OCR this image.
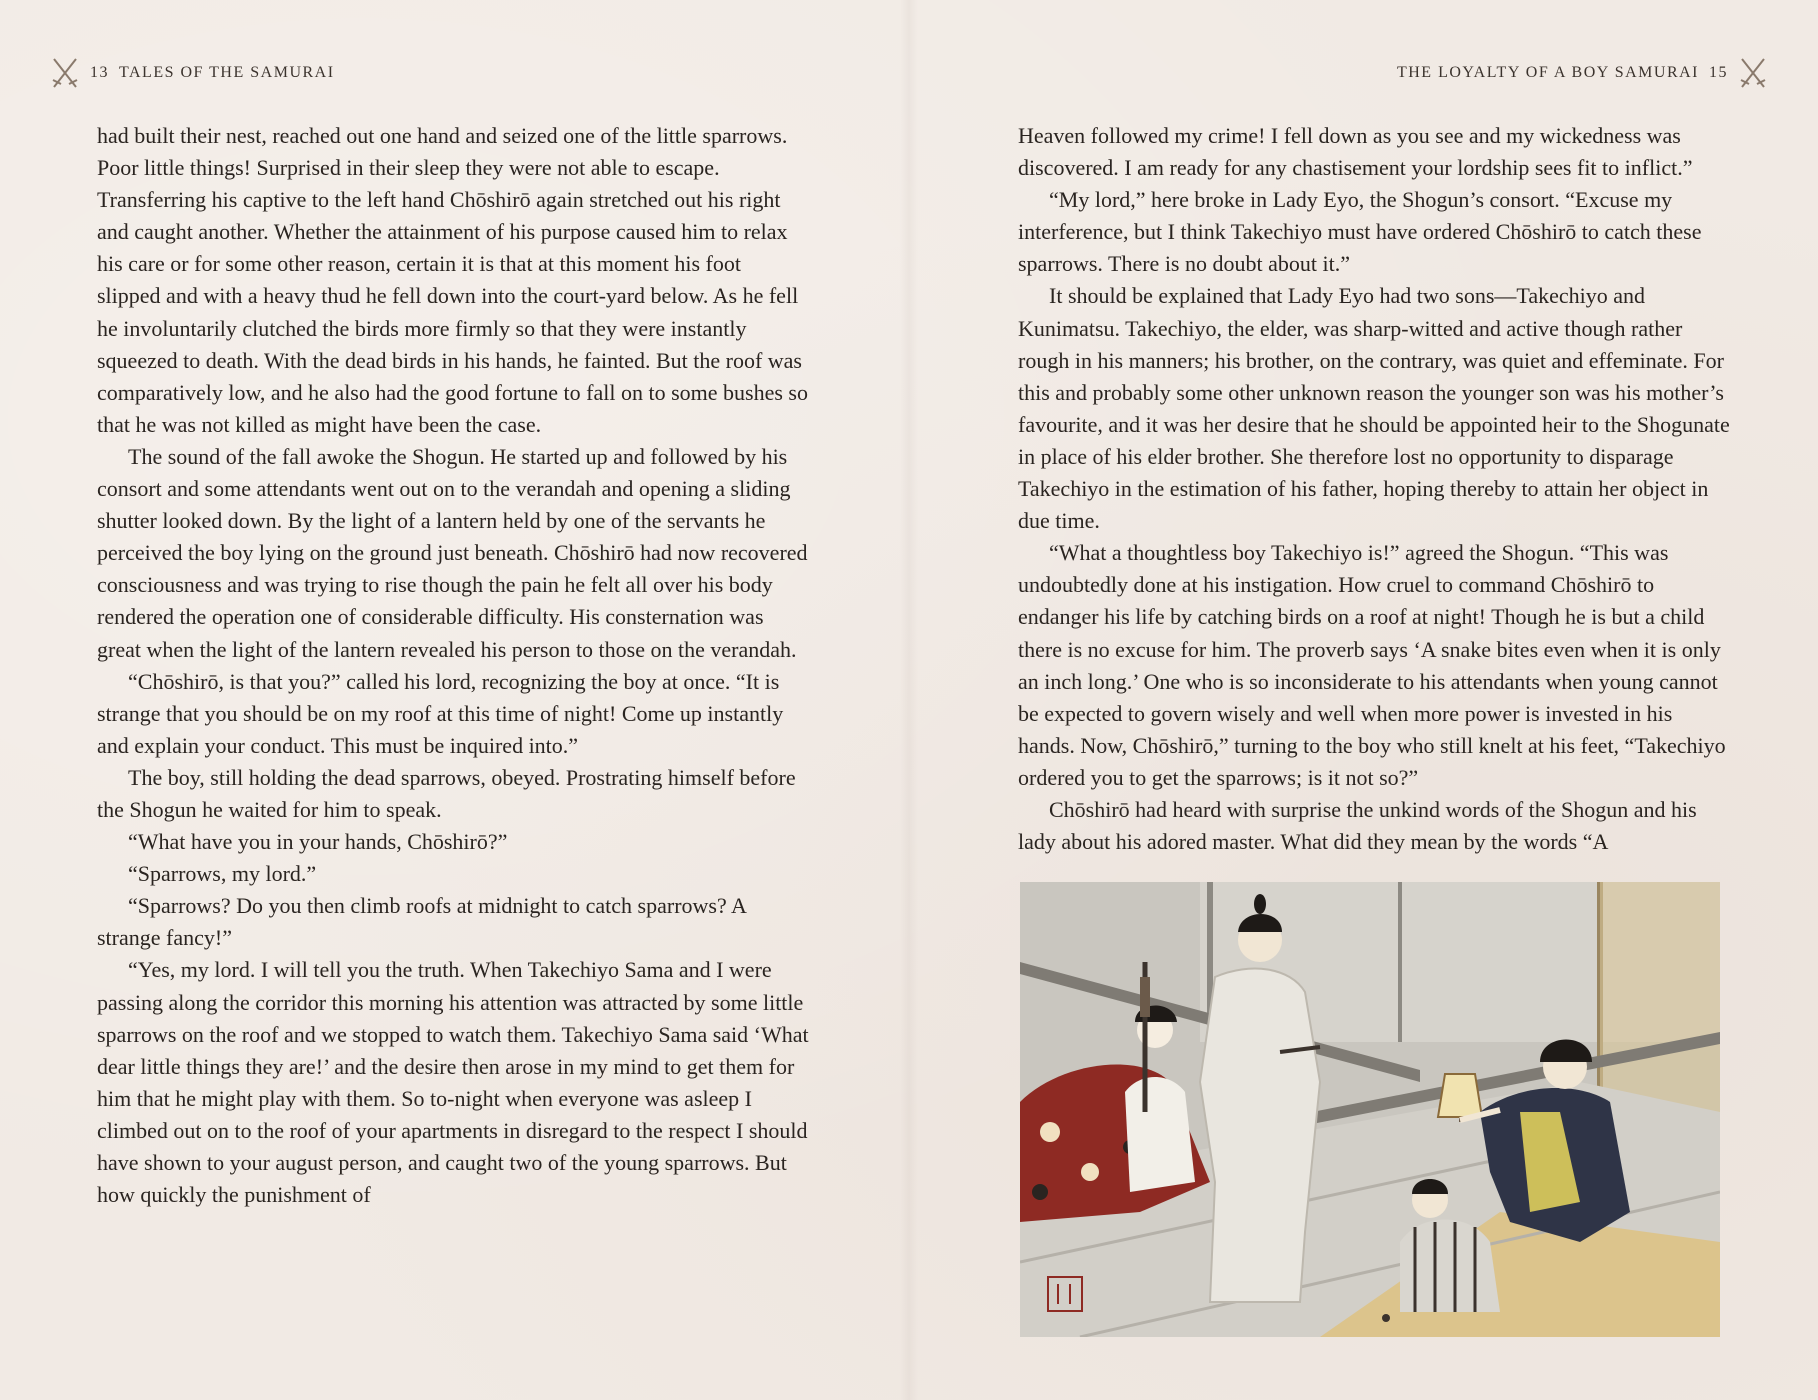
13 TALES OF THE SAMURAI	THE LOYALTY OF A BOY SAMURAI 15

had built their nest, reached out one hand and seized one of the little sparrows. Poor little things! Surprised in their sleep they were not able to escape. Transferring his captive to the left hand Chōshirō again stretched out his right and caught another. Whether the attainment of his purpose caused him to relax his care or for some other reason, certain it is that at this moment his foot slipped and with a heavy thud he fell down into the court-yard below. As he fell he involuntarily clutched the birds more firmly so that they were instantly squeezed to death. With the dead birds in his hands, he fainted. But the roof was comparatively low, and he also had the good fortune to fall on to some bushes so that he was not killed as might have been the case.

The sound of the fall awoke the Shogun. He started up and followed by his consort and some attendants went out on to the verandah and opening a sliding shutter looked down. By the light of a lantern held by one of the servants he perceived the boy lying on the ground just beneath. Chōshirō had now recovered consciousness and was trying to rise though the pain he felt all over his body rendered the operation one of considerable difficulty. His consternation was great when the light of the lantern revealed his person to those on the verandah.

“Chōshirō, is that you?” called his lord, recognizing the boy at once. “It is strange that you should be on my roof at this time of night! Come up instantly and explain your conduct. This must be inquired into.”

The boy, still holding the dead sparrows, obeyed. Prostrating himself before the Shogun he waited for him to speak.

“What have you in your hands, Chōshirō?”

“Sparrows, my lord.”

“Sparrows? Do you then climb roofs at midnight to catch sparrows? A strange fancy!”

“Yes, my lord. I will tell you the truth. When Takechiyo Sama and I were passing along the corridor this morning his attention was attracted by some little sparrows on the roof and we stopped to watch them. Takechiyo Sama said ‘What dear little things they are!’ and the desire then arose in my mind to get them for him that he might play with them. So to-night when everyone was asleep I climbed out on to the roof of your apartments in disregard to the respect I should have shown to your august person, and caught two of the young sparrows. But how quickly the punishment of

Heaven followed my crime! I fell down as you see and my wickedness was discovered. I am ready for any chastisement your lordship sees fit to inflict.”

“My lord,” here broke in Lady Eyo, the Shogun’s consort. “Excuse my interference, but I think Takechiyo must have ordered Chōshirō to catch these sparrows. There is no doubt about it.”

It should be explained that Lady Eyo had two sons—Takechiyo and Kunimatsu. Takechiyo, the elder, was sharp-witted and active though rather rough in his manners; his brother, on the contrary, was quiet and effeminate. For this and probably some other unknown reason the younger son was his mother’s favourite, and it was her desire that he should be appointed heir to the Shogunate in place of his elder brother. She therefore lost no opportunity to disparage Takechiyo in the estimation of his father, hoping thereby to attain her object in due time.

“What a thoughtless boy Takechiyo is!” agreed the Shogun. “This was undoubtedly done at his instigation. How cruel to command Chōshirō to endanger his life by catching birds on a roof at night! Though he is but a child there is no excuse for him. The proverb says ‘A snake bites even when it is only an inch long.’ One who is so inconsiderate to his attendants when young cannot be expected to govern wisely and well when more power is invested in his hands. Now, Chōshirō,” turning to the boy who still knelt at his feet, “Takechiyo ordered you to get the sparrows; is it not so?”

Chōshirō had heard with surprise the unkind words of the Shogun and his lady about his adored master. What did they mean by the words “A
